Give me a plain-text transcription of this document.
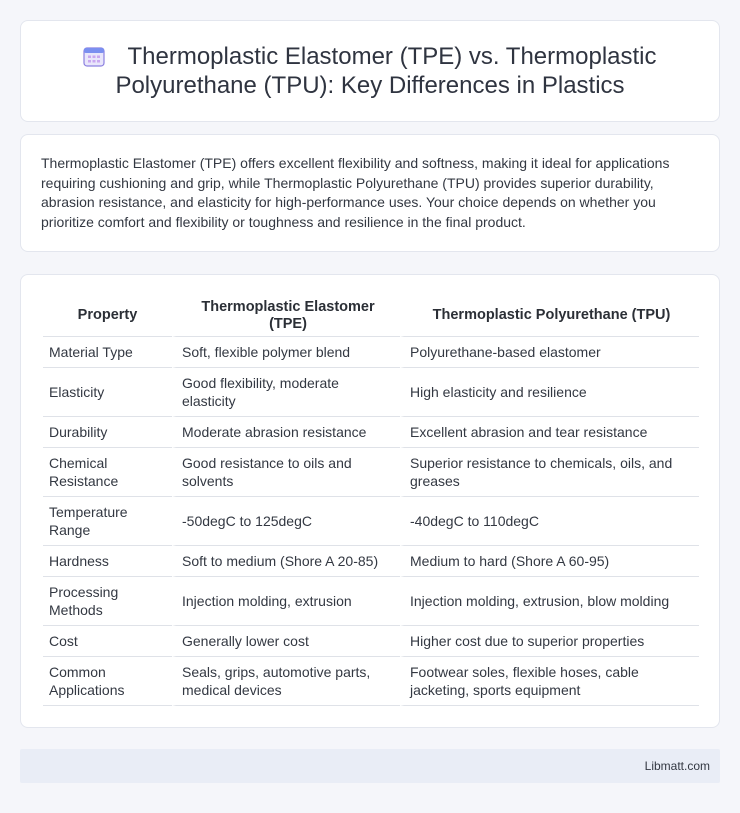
Thermoplastic Elastomer (TPE) vs. Thermoplastic Polyurethane (TPU): Key Differences in Plastics

Thermoplastic Elastomer (TPE) offers excellent flexibility and softness, making it ideal for applications requiring cushioning and grip, while Thermoplastic Polyurethane (TPU) provides superior durability, abrasion resistance, and elasticity for high-performance uses. Your choice depends on whether you prioritize comfort and flexibility or toughness and resilience in the final product.

Property	Thermoplastic Elastomer (TPE)	Thermoplastic Polyurethane (TPU)
Material Type	Soft, flexible polymer blend	Polyurethane-based elastomer
Elasticity	Good flexibility, moderate elasticity	High elasticity and resilience
Durability	Moderate abrasion resistance	Excellent abrasion and tear resistance
Chemical Resistance	Good resistance to oils and solvents	Superior resistance to chemicals, oils, and greases
Temperature Range	-50degC to 125degC	-40degC to 110degC
Hardness	Soft to medium (Shore A 20-85)	Medium to hard (Shore A 60-95)
Processing Methods	Injection molding, extrusion	Injection molding, extrusion, blow molding
Cost	Generally lower cost	Higher cost due to superior properties
Common Applications	Seals, grips, automotive parts, medical devices	Footwear soles, flexible hoses, cable jacketing, sports equipment
Libmatt.com
